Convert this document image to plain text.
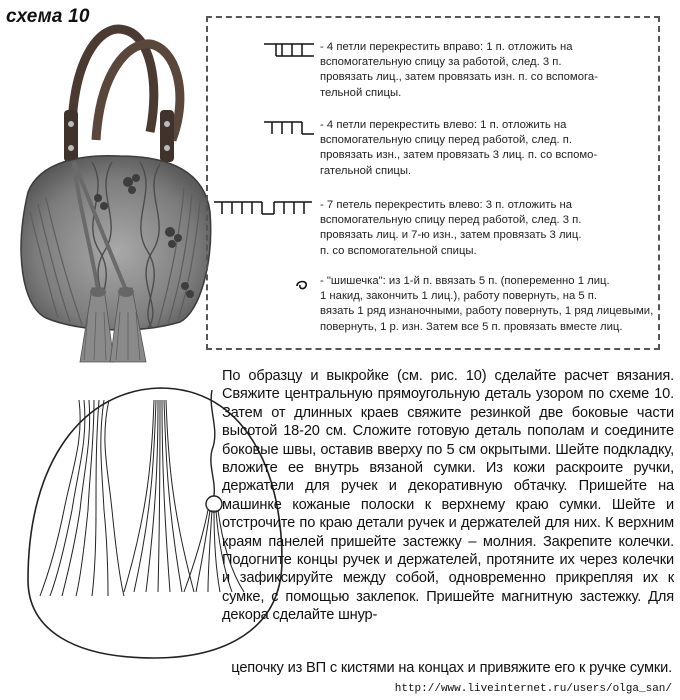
схема 10
- 4 петли перекрестить вправо: 1 п. отложить на
вспомогательную спицу за работой, след. 3 п.
провязать лиц., затем провязать изн. п. со вспомога-
тельной спицы.
- 4 петли перекрестить влево: 1 п. отложить на
вспомогательную спицу перед работой, след. п.
провязать изн., затем провязать 3 лиц. п. со вспомо-
гательной спицы.
- 7 петель перекрестить влево: 3 п. отложить на
вспомогательную спицу перед работой, след. 3 п.
провязать лиц. и 7-ю изн., затем провязать 3 лиц.
п. со вспомогательной спицы.
- "шишечка": из 1-й п. ввязать 5 п. (попеременно 1 лиц.
1 накид, закончить 1 лиц.), работу повернуть, на 5 п.
вязать 1 ряд изнаночными, работу повернуть, 1 ряд лицевыми,
повернуть, 1 р. изн. Затем все 5 п. провязать вместе лиц.
По образцу и выкройке (см. рис. 10) сделайте расчет вязания. Свяжите центральную прямоугольную деталь узором по схеме 10. Затем от длинных краев свяжите резинкой две боковые части высотой 18-20 см. Сложите готовую деталь пополам и соедините боковые швы, оставив вверху по 5 см окрытыми. Шейте подкладку, вложите ее внутрь вязаной сумки. Из кожи раскроите ручки, держатели для ручек и декоративную обтачку. Пришейте на машинке кожаные полоски к верхнему краю сумки. Шейте и отстрочите по краю детали ручек и держателей для них. К верхним краям панелей пришейте застежку – молния. Закрепите колечки. Подогните концы ручек и держателей, протяните их через колечки и зафиксируйте между собой, одновременно прикрепляя их к сумке, с помощью заклепок. Пришейте магнитную застежку. Для декора сделайте шнур-
цепочку из ВП с кистями на концах и привяжите его к ручке сумки.
http://www.liveinternet.ru/users/olga_san/
